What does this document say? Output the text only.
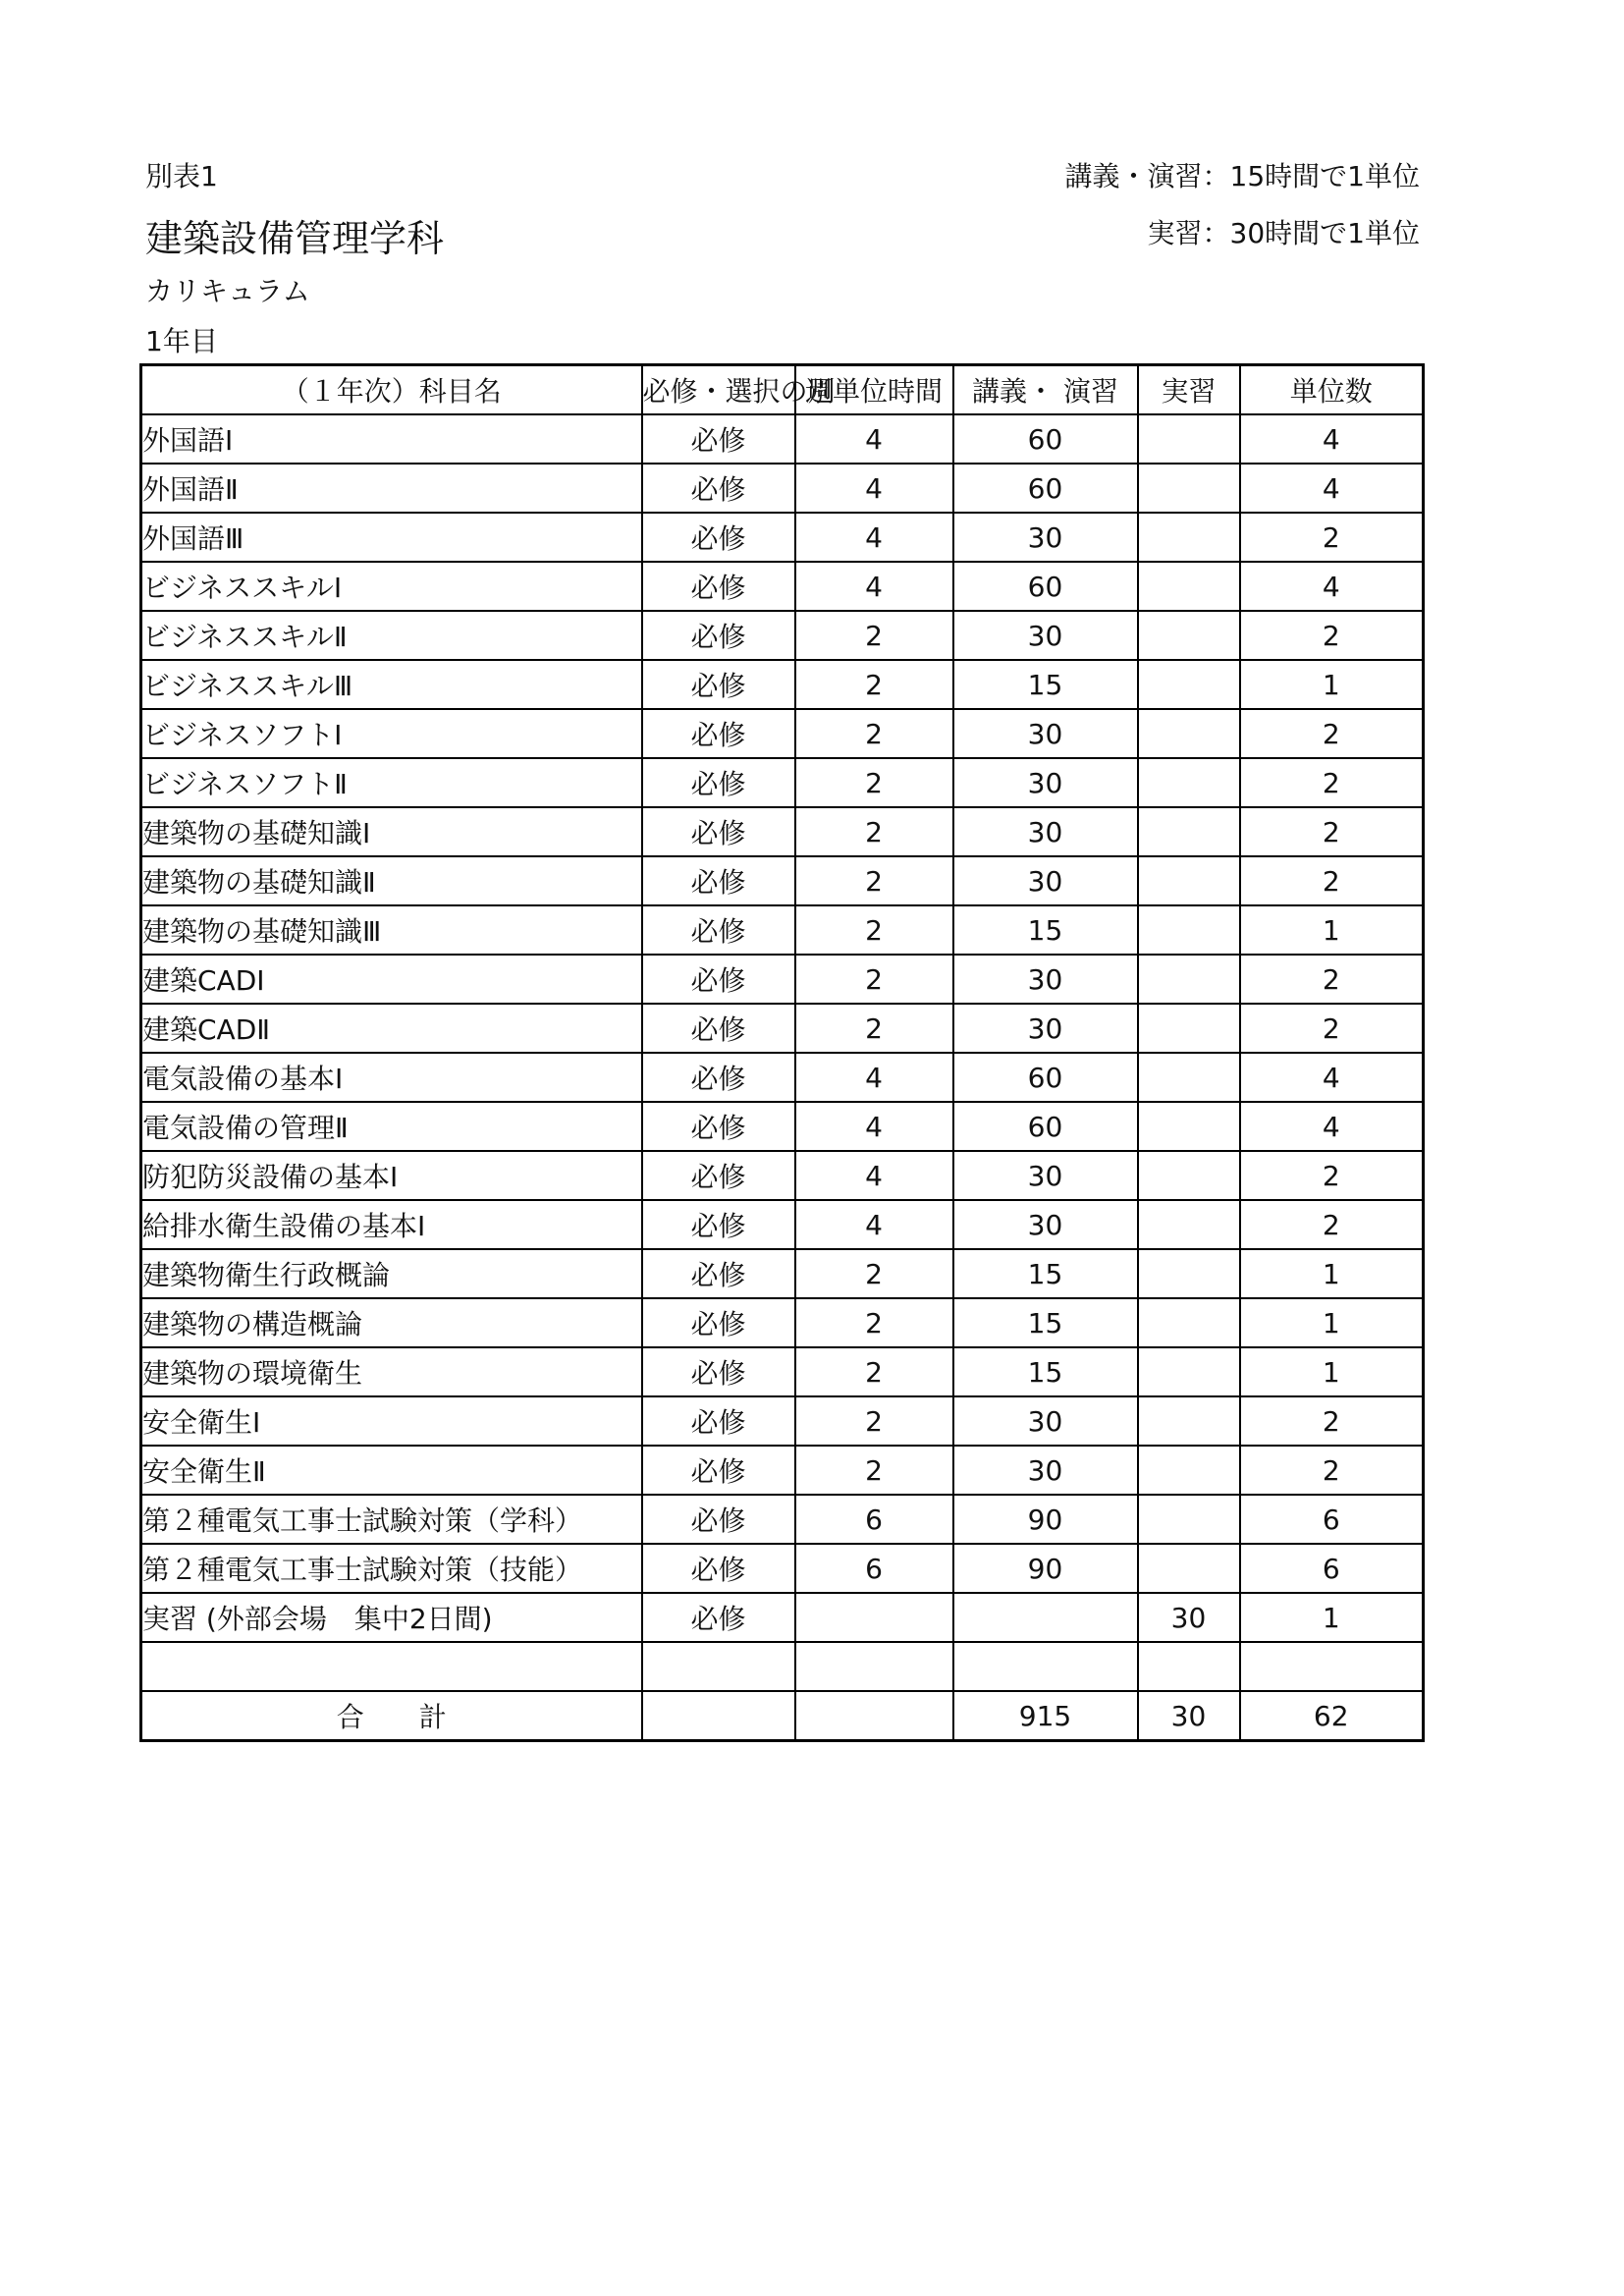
別表1
建築設備管理学科
カリキュラム
1年目
講義・演習：15時間で1単位
実習：30時間で1単位
（１年次）科目名	必修・選択の別	週単位時間	講義・ 演習	実習	単位数
外国語Ⅰ	必修	4	60		4
外国語Ⅱ	必修	4	60		4
外国語Ⅲ	必修	4	30		2
ビジネススキルⅠ	必修	4	60		4
ビジネススキルⅡ	必修	2	30		2
ビジネススキルⅢ	必修	2	15		1
ビジネスソフトⅠ	必修	2	30		2
ビジネスソフトⅡ	必修	2	30		2
建築物の基礎知識Ⅰ	必修	2	30		2
建築物の基礎知識Ⅱ	必修	2	30		2
建築物の基礎知識Ⅲ	必修	2	15		1
建築CADⅠ	必修	2	30		2
建築CADⅡ	必修	2	30		2
電気設備の基本Ⅰ	必修	4	60		4
電気設備の管理Ⅱ	必修	4	60		4
防犯防災設備の基本Ⅰ	必修	4	30		2
給排水衛生設備の基本Ⅰ	必修	4	30		2
建築物衛生行政概論	必修	2	15		1
建築物の構造概論	必修	2	15		1
建築物の環境衛生	必修	2	15		1
安全衛生Ⅰ	必修	2	30		2
安全衛生Ⅱ	必修	2	30		2
第２種電気工事士試験対策（学科）	必修	6	90		6
第２種電気工事士試験対策（技能）	必修	6	90		6
実習 (外部会場　集中2日間)	必修			30	1

合　　計			915	30	62
